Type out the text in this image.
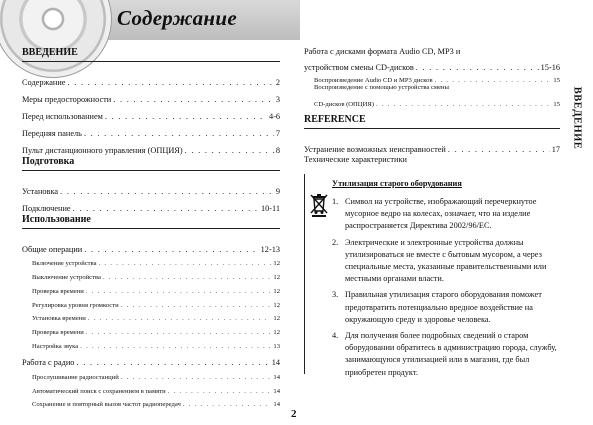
Содержание
ВВЕДЕНИЕ
Содержание . . .	2
Меры предосторожности . . .	3
Перед использованием . . .	4-6
Передняя панель . . .	7
Пульт дистанционного управления (ОПЦИЯ) . . .	8
Подготовка
Установка . . .	9
Подключение . . .	10-11
Использование
Общие операции . . .	12-13
Включение устройства . . .	12
Выключение устройства . . .	12
Проверка времени . . .	12
Регулировка уровня громкости . . .	12
Установка времени . . .	12
Проверка времени . . .	12
Настройка звука . . .	13
Работа с радио . . .	14
Прослушивание радиостанций . . .	14
Автоматический поиск с сохранением в памяти . . .	14
Сохранение и повторный вызов частот радиопередач . . .	14
Работа с дисками формата Audio CD, MP3 и
устройством смены CD-дисков . . .	15-16
Воспроизведение Audio CD и MP3 дисков . . .	15
Воспроизведение с помощью устройства смены
CD-дисков (ОПЦИЯ) . . .	15
REFERENCE
Устранение возможных неисправностей . . .	17
Технические характеристики
ВВЕДЕНИЕ
Утилизация старого оборудования
1. Символ на устройстве, изображающий перечеркнутое мусорное ведро на колесах, означает, что на изделие распространяется Директива 2002/96/ЕС.
2. Электрические и электронные устройства должны утилизироваться не вместе с бытовым мусором, а через специальные места, указанные правительственными или местными органами власти.
3. Правильная утилизация старого оборудования поможет предотвратить потенциально вредное воздействие на окружающую среду и здоровье человека.
4. Для получения более подробных сведений о старом оборудовании обратитесь в администрацию города, службу, занимающуюся утилизацией или в магазин, где был приобретен продукт.
2
